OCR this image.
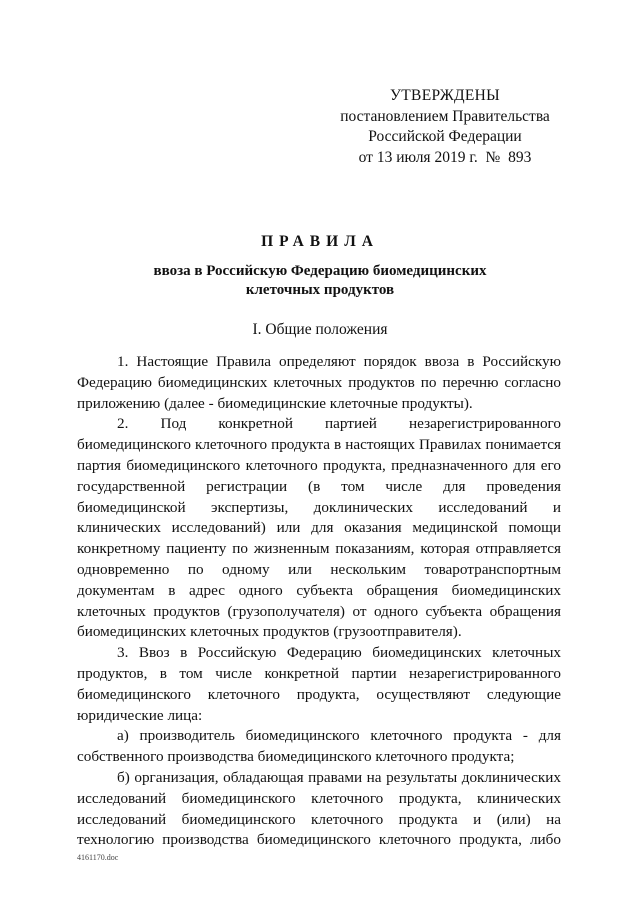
УТВЕРЖДЕНЫ
постановлением Правительства
Российской Федерации
от 13 июля 2019 г.  №  893
ПРАВИЛА
ввоза в Российскую Федерацию биомедицинских
клеточных продуктов
I. Общие положения

1. Настоящие Правила определяют порядок ввоза в Российскую Федерацию биомедицинских клеточных продуктов по перечню согласно приложению (далее - биомедицинские клеточные продукты).

2. Под конкретной партией незарегистрированного биомедицинского клеточного продукта в настоящих Правилах понимается партия биомедицинского клеточного продукта, предназначенного для его государственной регистрации (в том числе для проведения биомедицинской экспертизы, доклинических исследований и клинических исследований) или для оказания медицинской помощи конкретному пациенту по жизненным показаниям, которая отправляется одновременно по одному или нескольким товаротранспортным документам в адрес одного субъекта обращения биомедицинских клеточных продуктов (грузополучателя) от одного субъекта обращения биомедицинских клеточных продуктов (грузоотправителя).

3. Ввоз в Российскую Федерацию биомедицинских клеточных продуктов, в том числе конкретной партии незарегистрированного биомедицинского клеточного продукта, осуществляют следующие юридические лица:

а) производитель биомедицинского клеточного продукта - для собственного производства биомедицинского клеточного продукта;

б) организация, обладающая правами на результаты доклинических исследований биомедицинского клеточного продукта, клинических исследований биомедицинского клеточного продукта и (или) на технологию производства биомедицинского клеточного продукта, либо

4161170.doc
